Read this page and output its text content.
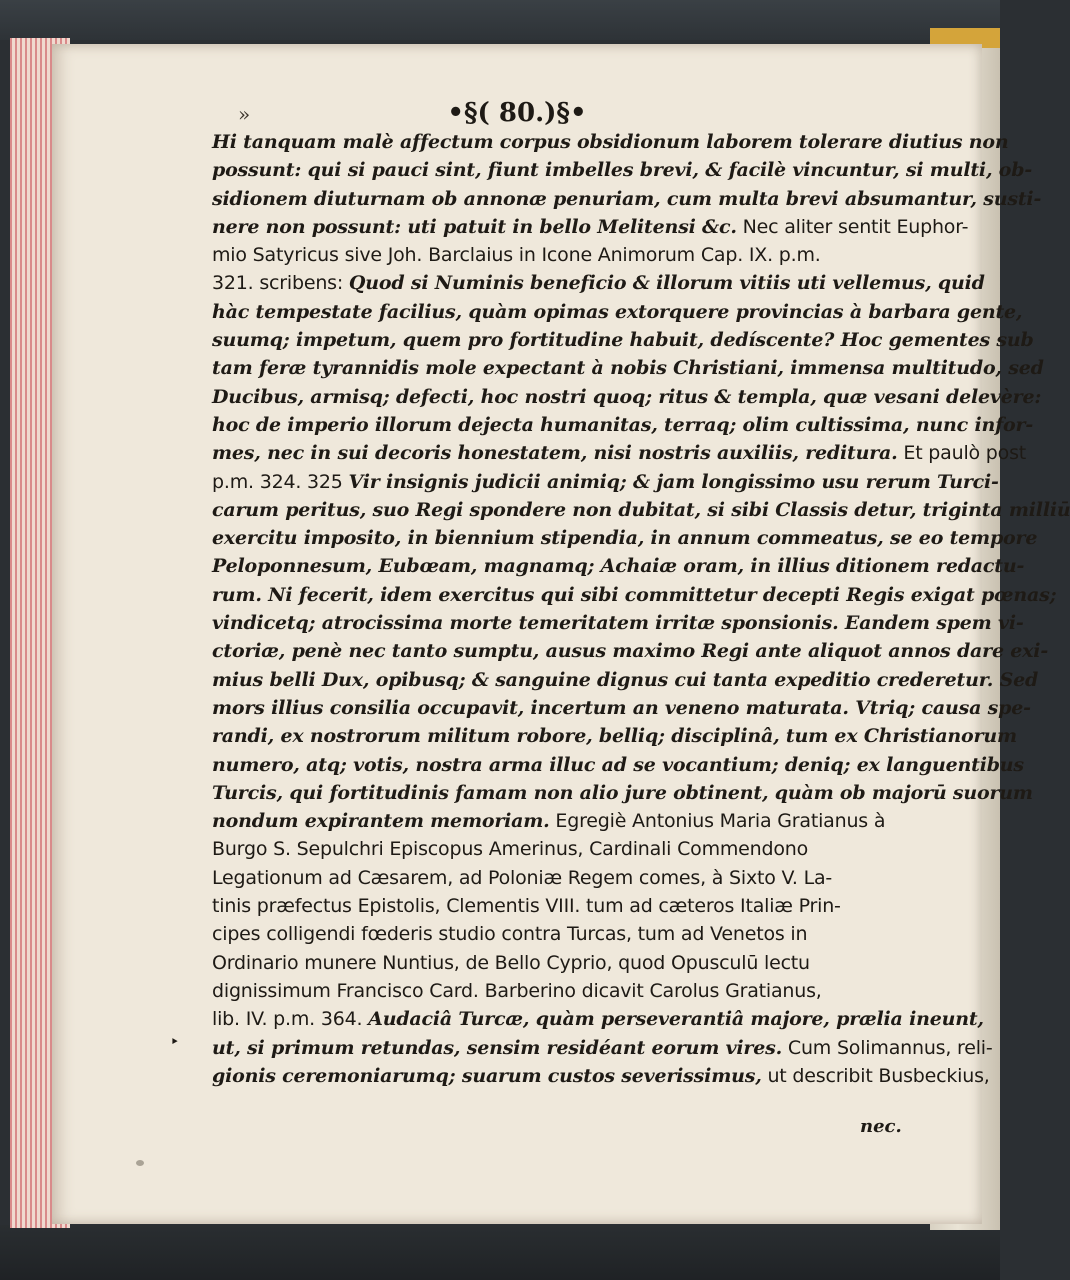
»	•§( 80.)§•
Hi tanquam malè affectum corpus obsidionum laborem tolerare diutius non
possunt: qui si pauci sint, fiunt imbelles brevi, & facilè vincuntur, si multi, ob-
sidionem diuturnam ob annonæ penuriam, cum multa brevi absumantur, susti-
nere non possunt: uti patuit in bello Melitensi &c. Nec aliter sentit Euphor-
mio Satyricus sive Joh. Barclaius in Icone Animorum Cap. IX. p.m.
321. scribens: Quod si Numinis beneficio & illorum vitiis uti vellemus, quid
hàc tempestate facilius, quàm opimas extorquere provincias à barbara gente,
suumq; impetum, quem pro fortitudine habuit, dedíscente? Hoc gementes sub
tam feræ tyrannidis mole expectant à nobis Christiani, immensa multitudo, sed
Ducibus, armisq; defecti, hoc nostri quoq; ritus & templa, quæ vesani delevère:
hoc de imperio illorum dejecta humanitas, terraq; olim cultissima, nunc infor-
mes, nec in sui decoris honestatem, nisi nostris auxiliis, reditura. Et paulò post
p.m. 324. 325 Vir insignis judicii animiq; & jam longissimo usu rerum Turci-
carum peritus, suo Regi spondere non dubitat, si sibi Classis detur, triginta milliū
exercitu imposito, in biennium stipendia, in annum commeatus, se eo tempore
Peloponnesum, Eubœam, magnamq; Achaiæ oram, in illius ditionem redactu-
rum. Ni fecerit, idem exercitus qui sibi committetur decepti Regis exigat pœnas;
vindicetq; atrocissima morte temeritatem irritæ sponsionis. Eandem spem vi-
ctoriæ, penè nec tanto sumptu, ausus maximo Regi ante aliquot annos dare exi-
mius belli Dux, opibusq; & sanguine dignus cui tanta expeditio crederetur. Sed
mors illius consilia occupavit, incertum an veneno maturata. Vtriq; causa spe-
randi, ex nostrorum militum robore, belliq; disciplinâ, tum ex Christianorum
numero, atq; votis, nostra arma illuc ad se vocantium; deniq; ex languentibus
Turcis, qui fortitudinis famam non alio jure obtinent, quàm ob majorū suorum
nondum expirantem memoriam. Egregiè Antonius Maria Gratianus à
Burgo S. Sepulchri Episcopus Amerinus, Cardinali Commendono
Legationum ad Cæsarem, ad Poloniæ Regem comes, à Sixto V. La-
tinis præfectus Epistolis, Clementis VIII. tum ad cæteros Italiæ Prin-
cipes colligendi fœderis studio contra Turcas, tum ad Venetos in
Ordinario munere Nuntius, de Bello Cyprio, quod Opusculū lectu
dignissimum Francisco Card. Barberino dicavit Carolus Gratianus,
lib. IV. p.m. 364. Audaciâ Turcæ, quàm perseverantiâ majore, prælia ineunt,
ut, si primum retundas, sensim residéant eorum vires. Cum Solimannus, reli-
gionis ceremoniarumq; suarum custos severissimus, ut describit Busbeckius,
‣
nec.
